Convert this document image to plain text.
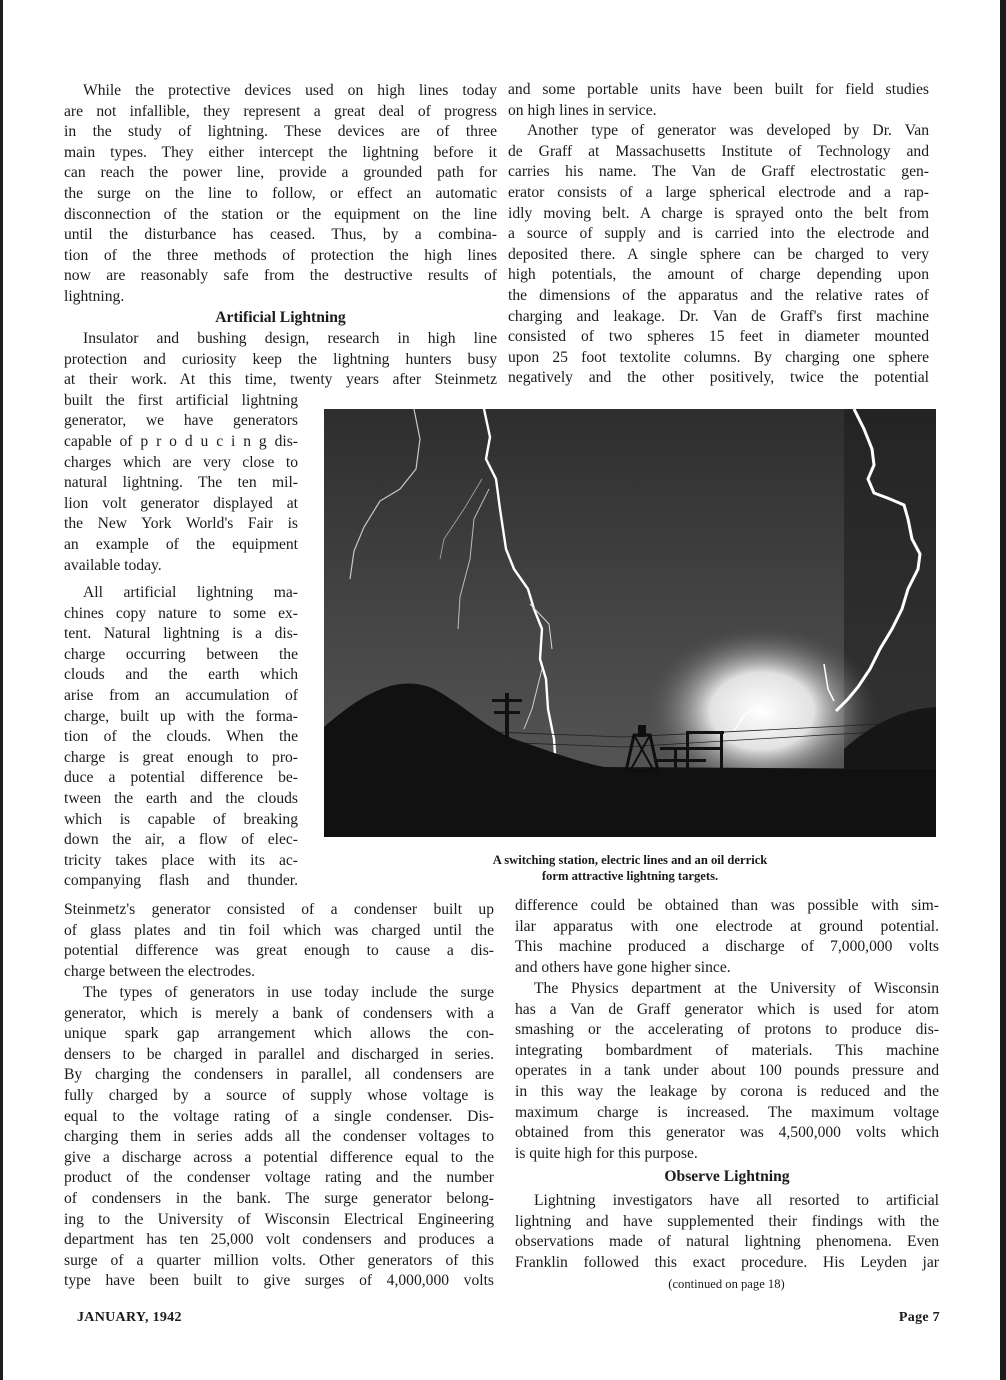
While the protective devices used on high lines today
are not infallible, they represent a great deal of progress
in the study of lightning. These devices are of three
main types. They either intercept the lightning before it
can reach the power line, provide a grounded path for
the surge on the line to follow, or effect an automatic
disconnection of the station or the equipment on the line
until the disturbance has ceased. Thus, by a combina-
tion of the three methods of protection the high lines
now are reasonably safe from the destructive results of
lightning.
Artificial Lightning
Insulator and bushing design, research in high line
protection and curiosity keep the lightning hunters busy
at their work. At this time, twenty years after Steinmetz
built the first artificial lightning
generator, we have generators
capable of p r o d u c i n g dis-
charges which are very close to
natural lightning. The ten mil-
lion volt generator displayed at
the New York World's Fair is
an example of the equipment
available today.
All artificial lightning ma-
chines copy nature to some ex-
tent. Natural lightning is a dis-
charge occurring between the
clouds and the earth which
arise from an accumulation of
charge, built up with the forma-
tion of the clouds. When the
charge is great enough to pro-
duce a potential difference be-
tween the earth and the clouds
which is capable of breaking
down the air, a flow of elec-
tricity takes place with its ac-
companying flash and thunder.
Steinmetz's generator consisted of a condenser built up
of glass plates and tin foil which was charged until the
potential difference was great enough to cause a dis-
charge between the electrodes.
The types of generators in use today include the surge
generator, which is merely a bank of condensers with a
unique spark gap arrangement which allows the con-
densers to be charged in parallel and discharged in series.
By charging the condensers in parallel, all condensers are
fully charged by a source of supply whose voltage is
equal to the voltage rating of a single condenser. Dis-
charging them in series adds all the condenser voltages to
give a discharge across a potential difference equal to the
product of the condenser voltage rating and the number
of condensers in the bank. The surge generator belong-
ing to the University of Wisconsin Electrical Engineering
department has ten 25,000 volt condensers and produces a
surge of a quarter million volts. Other generators of this
type have been built to give surges of 4,000,000 volts
and some portable units have been built for field studies
on high lines in service.
Another type of generator was developed by Dr. Van
de Graff at Massachusetts Institute of Technology and
carries his name. The Van de Graff electrostatic gen-
erator consists of a large spherical electrode and a rap-
idly moving belt. A charge is sprayed onto the belt from
a source of supply and is carried into the electrode and
deposited there. A single sphere can be charged to very
high potentials, the amount of charge depending upon
the dimensions of the apparatus and the relative rates of
charging and leakage. Dr. Van de Graff's first machine
consisted of two spheres 15 feet in diameter mounted
upon 25 foot textolite columns. By charging one sphere
negatively and the other positively, twice the potential
difference could be obtained than was possible with sim-
ilar apparatus with one electrode at ground potential.
This machine produced a discharge of 7,000,000 volts
and others have gone higher since.
The Physics department at the University of Wisconsin
has a Van de Graff generator which is used for atom
smashing or the accelerating of protons to produce dis-
integrating bombardment of materials. This machine
operates in a tank under about 100 pounds pressure and
in this way the leakage by corona is reduced and the
maximum charge is increased. The maximum voltage
obtained from this generator was 4,500,000 volts which
is quite high for this purpose.
Observe Lightning
Lightning investigators have all resorted to artificial
lightning and have supplemented their findings with the
observations made of natural lightning phenomena. Even
Franklin followed this exact procedure. His Leyden jar
(continued on page 18)
A switching station, electric lines and an oil derrick
form attractive lightning targets.
JANUARY, 1942	Page 7
